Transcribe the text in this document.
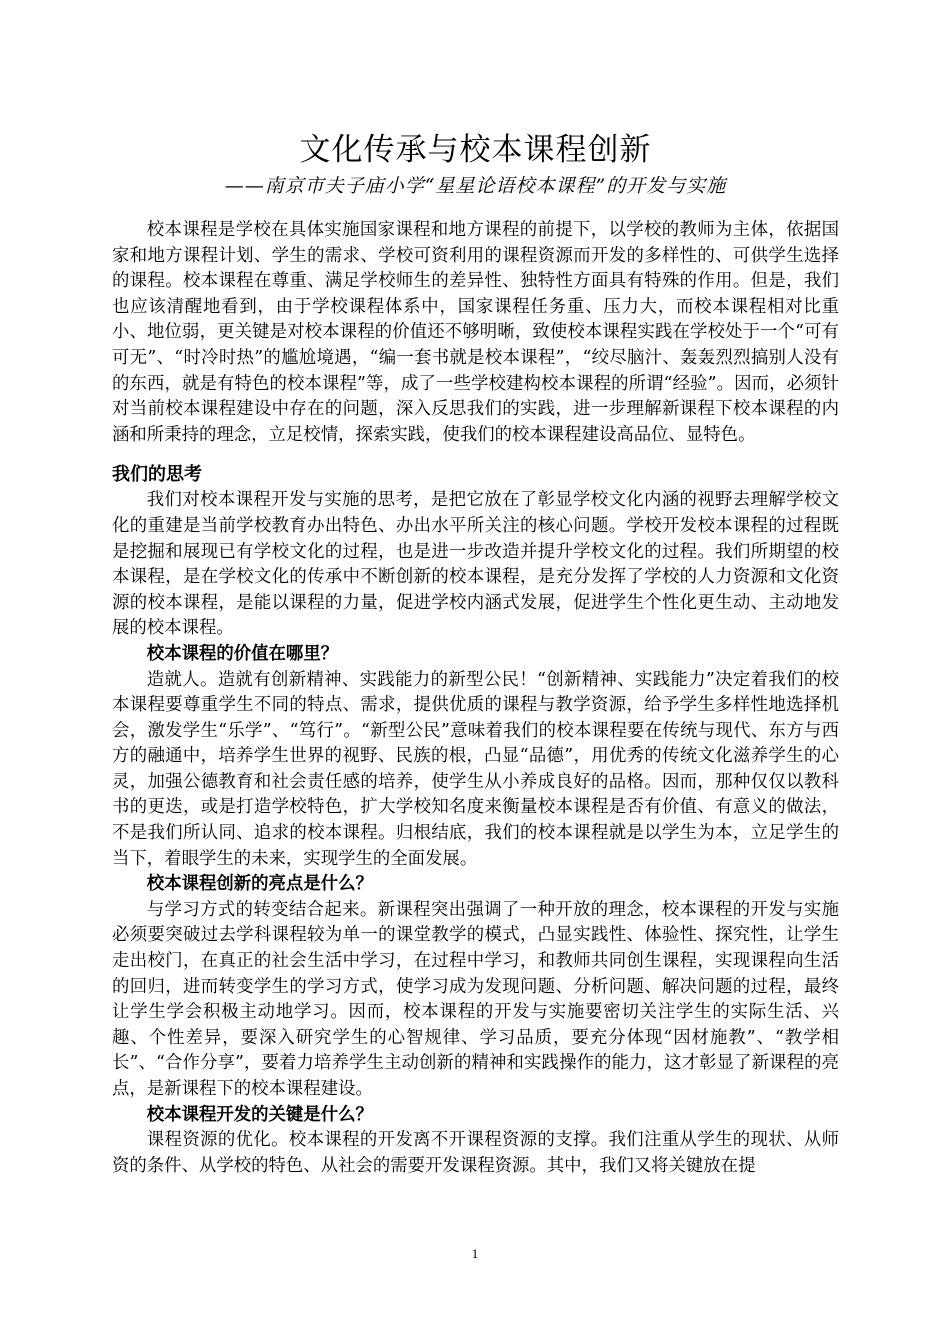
文化传承与校本课程创新
——南京市夫子庙小学“星星论语校本课程”的开发与实施

校本课程是学校在具体实施国家课程和地方课程的前提下，以学校的教师为主体，依据国家和地方课程计划、学生的需求、学校可资利用的课程资源而开发的多样性的、可供学生选择的课程。校本课程在尊重、满足学校师生的差异性、独特性方面具有特殊的作用。但是，我们也应该清醒地看到，由于学校课程体系中，国家课程任务重、压力大，而校本课程相对比重小、地位弱，更关键是对校本课程的价值还不够明晰，致使校本课程实践在学校处于一个“可有可无”、“时冷时热”的尴尬境遇，“编一套书就是校本课程”，“绞尽脑汁、轰轰烈烈搞别人没有的东西，就是有特色的校本课程”等，成了一些学校建构校本课程的所谓“经验”。因而，必须针对当前校本课程建设中存在的问题，深入反思我们的实践，进一步理解新课程下校本课程的内涵和所秉持的理念，立足校情，探索实践，使我们的校本课程建设高品位、显特色。

我们的思考

我们对校本课程开发与实施的思考，是把它放在了彰显学校文化内涵的视野去理解学校文化的重建是当前学校教育办出特色、办出水平所关注的核心问题。学校开发校本课程的过程既是挖掘和展现已有学校文化的过程，也是进一步改造并提升学校文化的过程。我们所期望的校本课程，是在学校文化的传承中不断创新的校本课程，是充分发挥了学校的人力资源和文化资源的校本课程，是能以课程的力量，促进学校内涵式发展，促进学生个性化更生动、主动地发展的校本课程。

校本课程的价值在哪里？

造就人。造就有创新精神、实践能力的新型公民！“创新精神、实践能力”决定着我们的校本课程要尊重学生不同的特点、需求，提供优质的课程与教学资源，给予学生多样性地选择机会，激发学生“乐学”、“笃行”。“新型公民”意味着我们的校本课程要在传统与现代、东方与西方的融通中，培养学生世界的视野、民族的根，凸显“品德”，用优秀的传统文化滋养学生的心灵，加强公德教育和社会责任感的培养，使学生从小养成良好的品格。因而，那种仅仅以教科书的更迭，或是打造学校特色，扩大学校知名度来衡量校本课程是否有价值、有意义的做法，不是我们所认同、追求的校本课程。归根结底，我们的校本课程就是以学生为本，立足学生的当下，着眼学生的未来，实现学生的全面发展。

校本课程创新的亮点是什么？

与学习方式的转变结合起来。新课程突出强调了一种开放的理念，校本课程的开发与实施必须要突破过去学科课程较为单一的课堂教学的模式，凸显实践性、体验性、探究性，让学生走出校门，在真正的社会生活中学习，在过程中学习，和教师共同创生课程，实现课程向生活的回归，进而转变学生的学习方式，使学习成为发现问题、分析问题、解决问题的过程，最终让学生学会积极主动地学习。因而，校本课程的开发与实施要密切关注学生的实际生活、兴趣、个性差异，要深入研究学生的心智规律、学习品质，要充分体现“因材施教”、“教学相长”、“合作分享”，要着力培养学生主动创新的精神和实践操作的能力，这才彰显了新课程的亮点，是新课程下的校本课程建设。

校本课程开发的关键是什么？

课程资源的优化。校本课程的开发离不开课程资源的支撑。我们注重从学生的现状、从师资的条件、从学校的特色、从社会的需要开发课程资源。其中，我们又将关键放在提

1
